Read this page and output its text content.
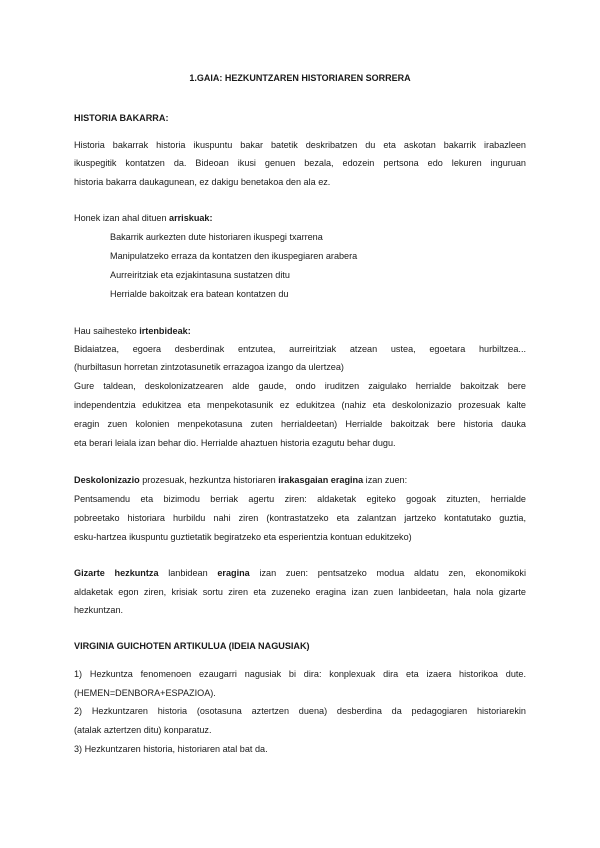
1.GAIA: HEZKUNTZAREN HISTORIAREN SORRERA
HISTORIA BAKARRA:
Historia bakarrak historia ikuspuntu bakar batetik deskribatzen du eta askotan bakarrik irabazleen
ikuspegitik kontatzen da. Bideoan ikusi genuen bezala, edozein pertsona edo lekuren inguruan
historia bakarra daukagunean, ez dakigu benetakoa den ala ez.
Honek izan ahal dituen arriskuak:
Bakarrik aurkezten dute historiaren ikuspegi txarrena
Manipulatzeko erraza da kontatzen den ikuspegiaren arabera
Aurreiritziak eta ezjakintasuna sustatzen ditu
Herrialde bakoitzak era batean kontatzen du
Hau saihesteko irtenbideak:
Bidaiatzea, egoera desberdinak entzutea, aurreiritziak atzean ustea, egoetara hurbiltzea...
(hurbiltasun horretan zintzotasunetik errazagoa izango da ulertzea)
Gure taldean, deskolonizatzearen alde gaude, ondo iruditzen zaigulako herrialde bakoitzak bere
independentzia edukitzea eta menpekotasunik ez edukitzea (nahiz eta deskolonizazio prozesuak kalte
eragin zuen kolonien menpekotasuna zuten herrialdeetan) Herrialde bakoitzak bere historia dauka
eta berari leiala izan behar dio. Herrialde ahaztuen historia ezagutu behar dugu.
Deskolonizazio prozesuak, hezkuntza historiaren irakasgaian eragina izan zuen:
Pentsamendu eta bizimodu berriak agertu ziren: aldaketak egiteko gogoak zituzten, herrialde
pobreetako historiara hurbildu nahi ziren (kontrastatzeko eta zalantzan jartzeko kontatutako guztia,
esku-hartzea ikuspuntu guztietatik begiratzeko eta esperientzia kontuan edukitzeko)
Gizarte hezkuntza lanbidean eragina izan zuen: pentsatzeko modua aldatu zen, ekonomikoki
aldaketak egon ziren, krisiak sortu ziren eta zuzeneko eragina izan zuen lanbideetan, hala nola gizarte
hezkuntzan.
VIRGINIA GUICHOTEN ARTIKULUA (IDEIA NAGUSIAK)
1) Hezkuntza fenomenoen ezaugarri nagusiak bi dira: konplexuak dira eta izaera historikoa dute.
(HEMEN=DENBORA+ESPAZIOA).
2) Hezkuntzaren historia (osotasuna aztertzen duena) desberdina da pedagogiaren historiarekin
(atalak aztertzen ditu) konparatuz.
3) Hezkuntzaren historia, historiaren atal bat da.
